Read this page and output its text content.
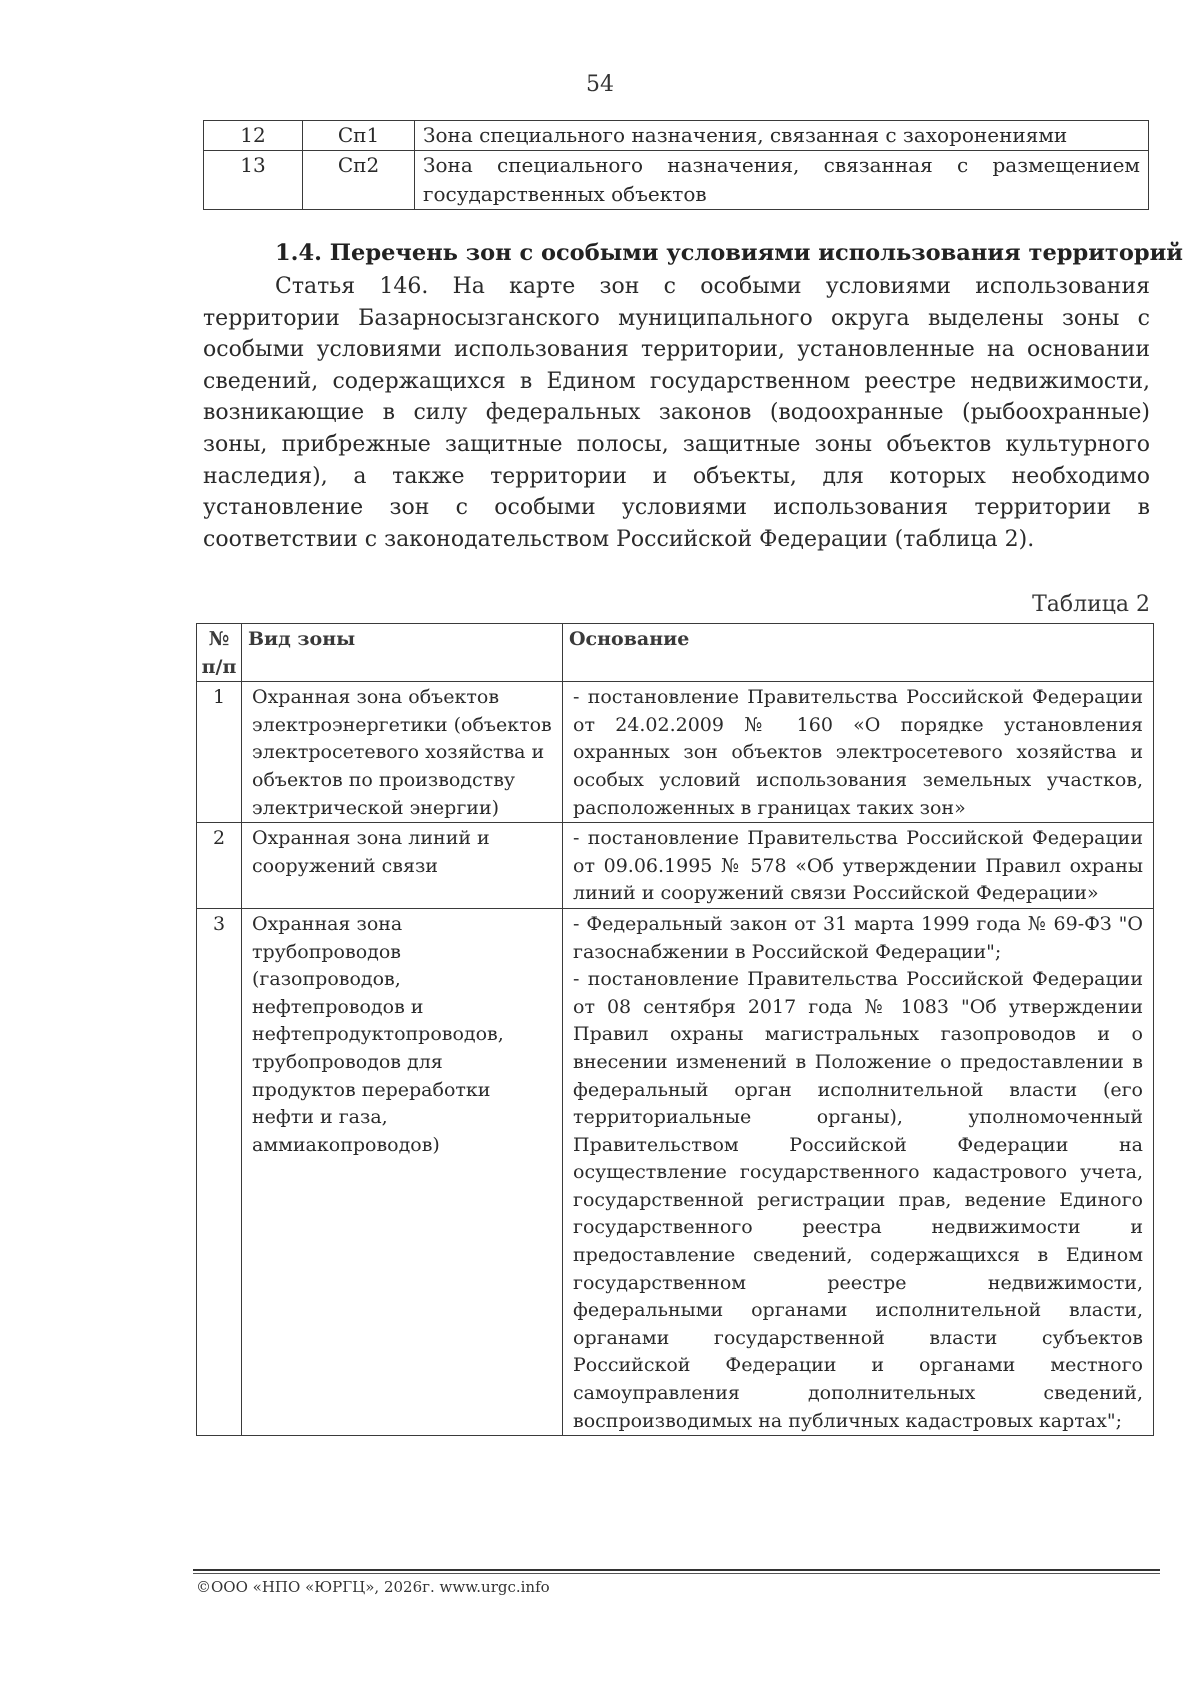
54
12	Сп1	Зона специального назначения, связанная с захоронениями
13	Сп2	Зона специального назначения, связанная с размещением государственных объектов
1.4. Перечень зон с особыми условиями использования территорий

Статья 146. На карте зон с особыми условиями использования территории Базарносызганского муниципального округа выделены зоны с особыми условиями использования территории, установленные на основании сведений, содержащихся в Едином государственном реестре недвижимости, возникающие в силу федеральных законов (водоохранные (рыбоохранные) зоны, прибрежные защитные полосы, защитные зоны объектов культурного наследия), а также территории и объекты, для которых необходимо установление зон с особыми условиями использования территории в соответствии с законодательством Российской Федерации (таблица 2).

Таблица 2
№ п/п	Вид зоны	Основание
1	Охранная зона объектов электроэнергетики (объектов электросетевого хозяйства и объектов по производству электрической энергии)	- постановление Правительства Российской Федерации от 24.02.2009 № 160 «О порядке установления охранных зон объектов электросетевого хозяйства и особых условий использования земельных участков, расположенных в границах таких зон»

2	Охранная зона линий и сооружений связи	- постановление Правительства Российской Федерации от 09.06.1995 № 578 «Об утверждении Правил охраны линий и сооружений связи Российской Федерации»

3	Охранная зона трубопроводов (газопроводов, нефтепроводов и нефтепродуктопроводов, трубопроводов для продуктов переработки нефти и газа, аммиакопроводов)	- Федеральный закон от 31 марта 1999 года № 69-ФЗ "О газоснабжении в Российской Федерации";
- постановление Правительства Российской Федерации от 08 сентября 2017 года № 1083 "Об утверждении Правил охраны магистральных газопроводов и о внесении изменений в Положение о предоставлении в федеральный орган исполнительной власти (его территориальные органы), уполномоченный Правительством Российской Федерации на осуществление государственного кадастрового учета, государственной регистрации прав, ведение Единого государственного реестра недвижимости и предоставление сведений, содержащихся в Едином государственном реестре недвижимости, федеральными органами исполнительной власти, органами государственной власти субъектов Российской Федерации и органами местного самоуправления дополнительных сведений, воспроизводимых на публичных кадастровых картах";
©ООО «НПО «ЮРГЦ», 2026г. www.urgc.info
